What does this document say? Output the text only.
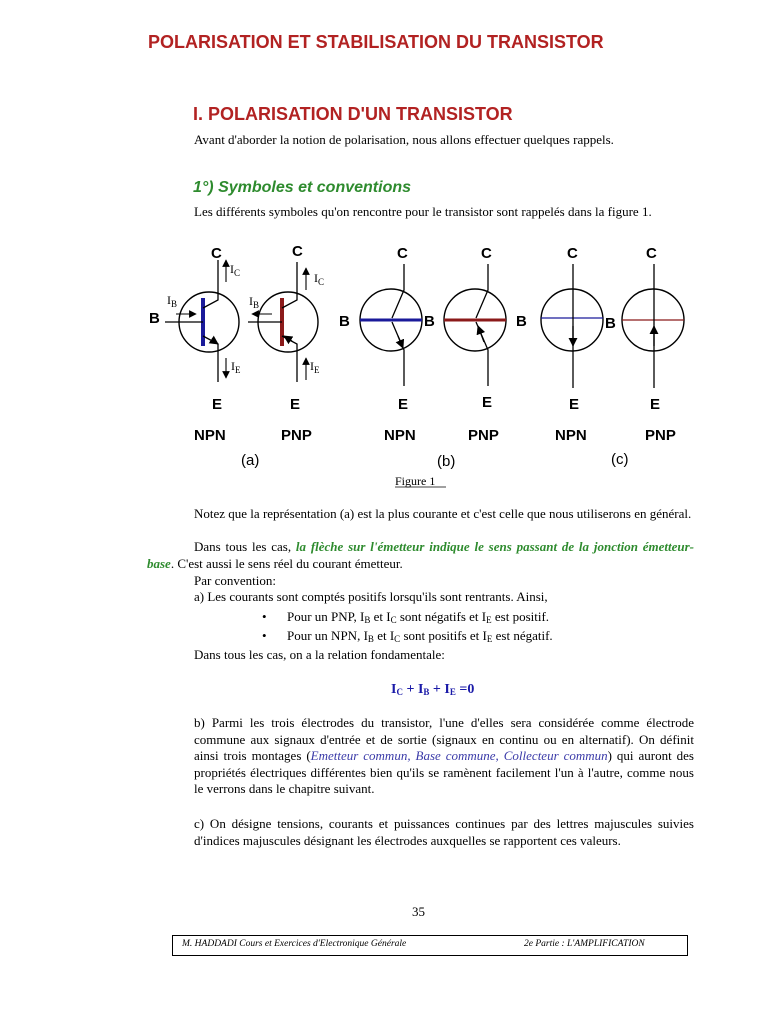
POLARISATION ET STABILISATION DU TRANSISTOR
I. POLARISATION D'UN TRANSISTOR
Avant d'aborder la notion de polarisation, nous allons effectuer quelques rappels.
1°) Symboles et conventions
Les différents symboles qu'on rencontre pour le transistor sont rappelés dans la figure 1.
C	C	C	C	C	C
B	B	B	B	B
E	E	E	E	E	E
NPN	PNP	NPN	PNP	NPN	PNP
$I_C$
$I_B$
$I_E$
$I_C$
$I_B$
$I_E$
(a)	(b)	(c)
Figure 1
Notez que la représentation (a) est la plus courante et c'est celle que nous utiliserons en général.
Dans tous les cas, la flèche sur l'émetteur indique le sens passant de la jonction émetteur-base. C'est aussi le sens réel du courant émetteur.
Par convention:
a) Les courants sont comptés positifs lorsqu'ils sont rentrants. Ainsi,
• Pour un PNP, $I_B$ et $I_C$ sont négatifs et $I_E$ est positif.
• Pour un NPN, $I_B$ et $I_C$ sont positifs et $I_E$ est négatif.
Dans tous les cas, on a la relation fondamentale:
$I_C + I_B + I_E =0$
b) Parmi les trois électrodes du transistor, l'une d'elles sera considérée comme électrode commune aux signaux d'entrée et de sortie (signaux en continu ou en alternatif). On définit ainsi trois montages (Emetteur commun, Base commune, Collecteur commun) qui auront des propriétés électriques différentes bien qu'ils se ramènent facilement l'un à l'autre, comme nous le verrons dans le chapitre suivant.
c) On désigne tensions, courants et puissances continues par des lettres majuscules suivies d'indices majuscules désignant les électrodes auxquelles se rapportent ces valeurs.
35
M. HADDADI Cours et Exercices d'Electronique Générale	2e Partie : L'AMPLIFICATION
